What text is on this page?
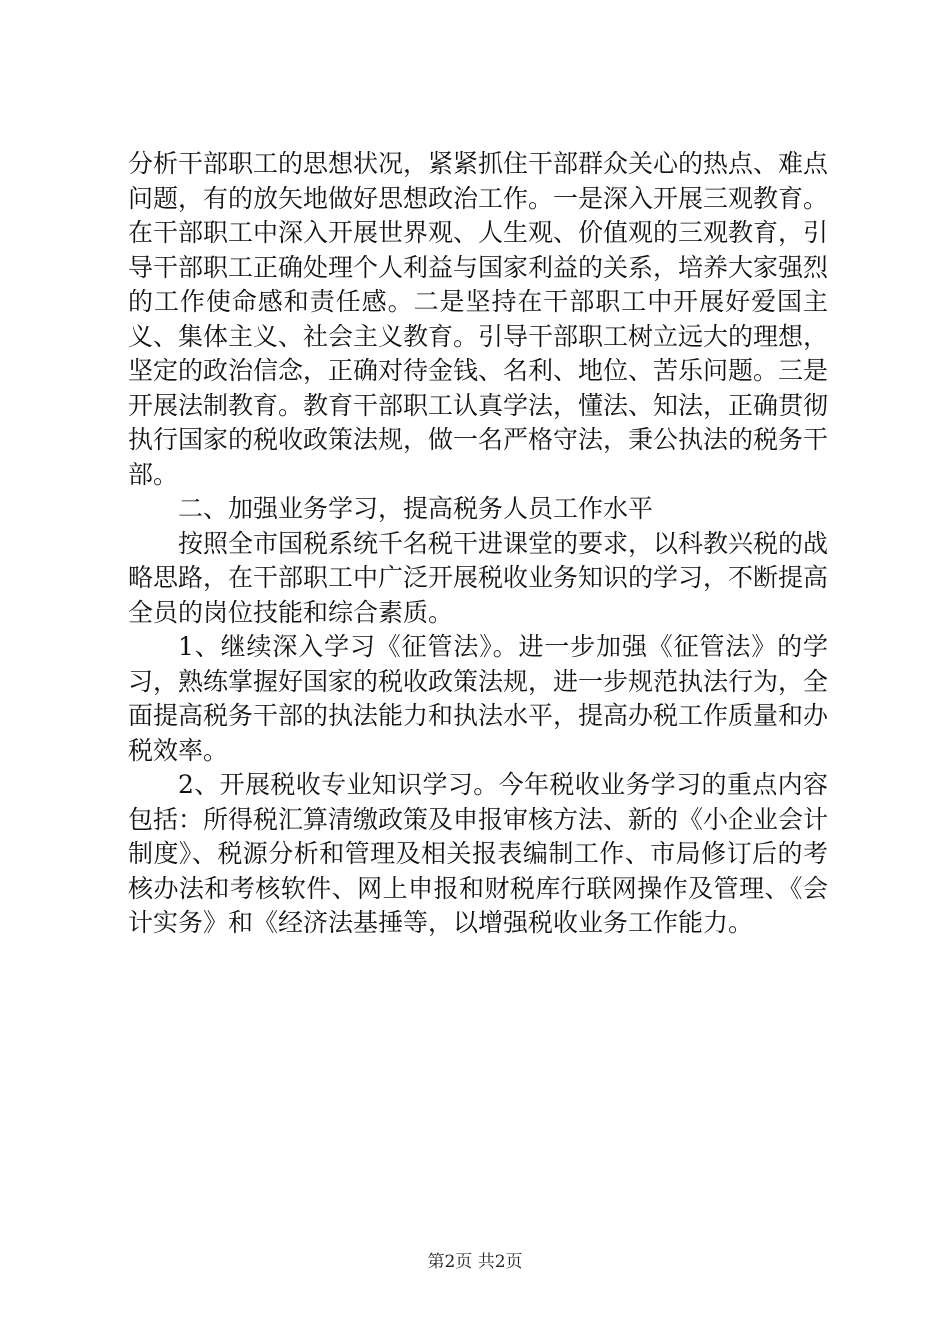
分析干部职工的思想状况，紧紧抓住干部群众关心的热点、难点问题，有的放矢地做好思想政治工作。一是深入开展三观教育。在干部职工中深入开展世界观、人生观、价值观的三观教育，引导干部职工正确处理个人利益与国家利益的关系，培养大家强烈的工作使命感和责任感。二是坚持在干部职工中开展好爱国主义、集体主义、社会主义教育。引导干部职工树立远大的理想，坚定的政治信念，正确对待金钱、名利、地位、苦乐问题。三是开展法制教育。教育干部职工认真学法，懂法、知法，正确贯彻执行国家的税收政策法规，做一名严格守法，秉公执法的税务干部。

二、加强业务学习，提高税务人员工作水平

按照全市国税系统千名税干进课堂的要求，以科教兴税的战略思路，在干部职工中广泛开展税收业务知识的学习，不断提高全员的岗位技能和综合素质。

1、继续深入学习《征管法》。进一步加强《征管法》的学习，熟练掌握好国家的税收政策法规，进一步规范执法行为，全面提高税务干部的执法能力和执法水平，提高办税工作质量和办税效率。

2、开展税收专业知识学习。今年税收业务学习的重点内容包括：所得税汇算清缴政策及申报审核方法、新的《小企业会计制度》、税源分析和管理及相关报表编制工作、市局修订后的考核办法和考核软件、网上申报和财税库行联网操作及管理、《会计实务》和《经济法基捶等，以增强税收业务工作能力。

第2页 共2页
